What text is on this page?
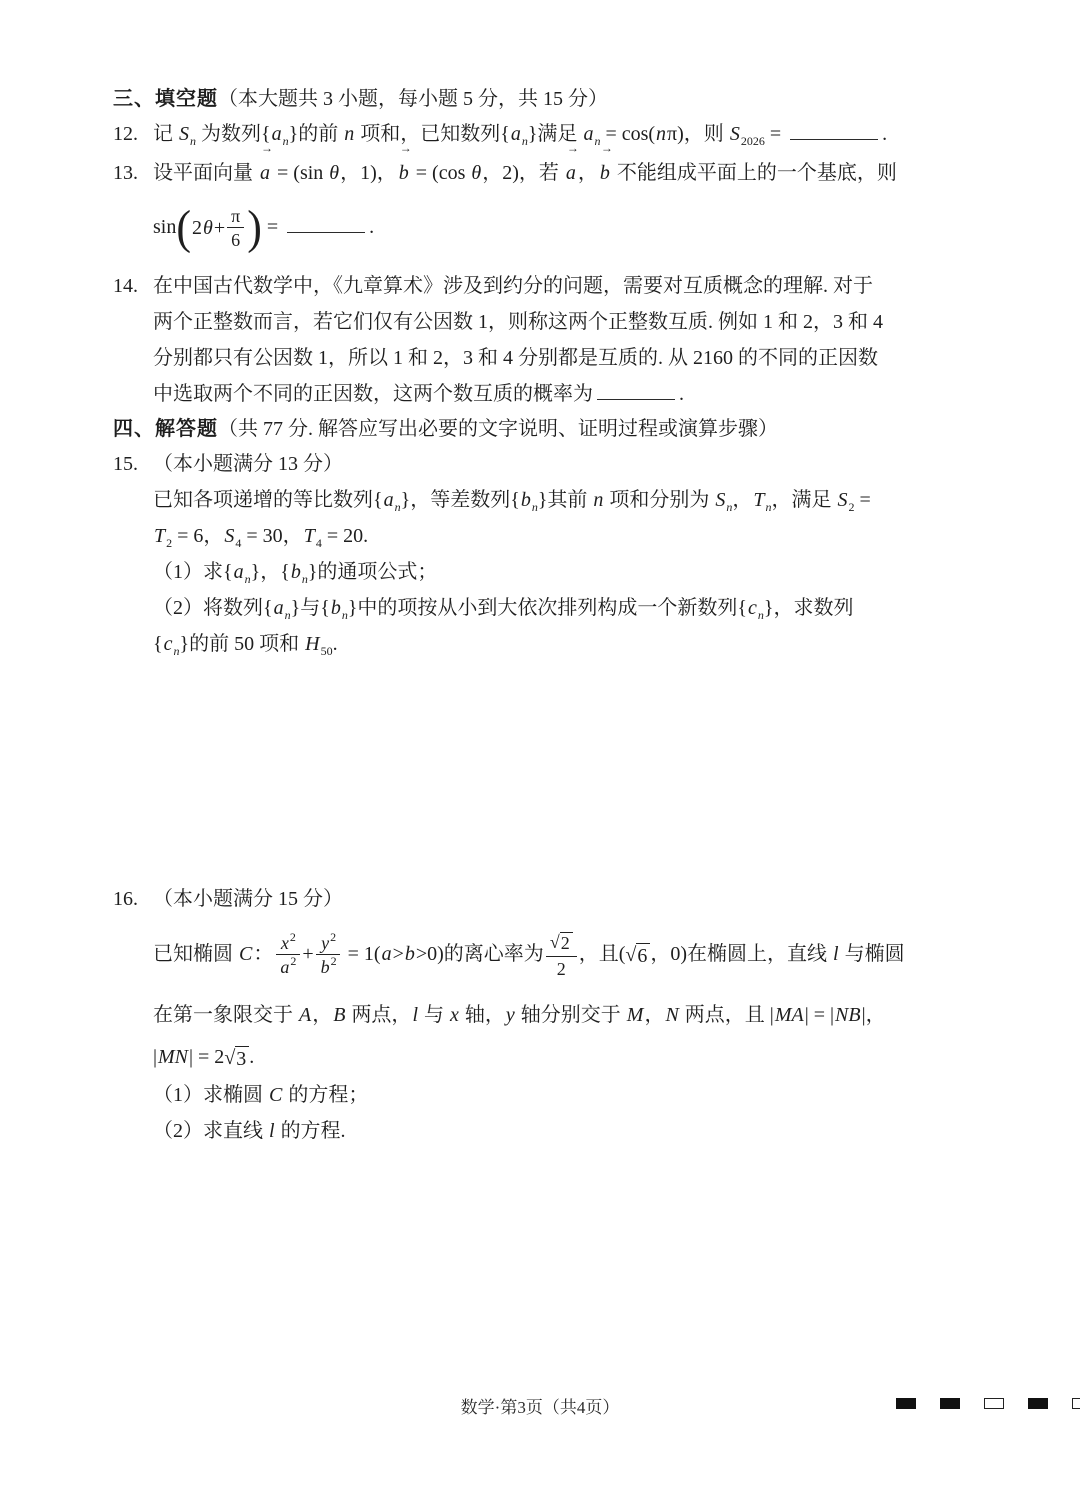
三、填空题（本大题共 3 小题，每小题 5 分，共 15 分）
12. 记 $S_n$ 为数列$\{a_n\}$的前 n 项和，已知数列$\{a_n\}$满足 $a_n = \cos(n\pi)$，则 $S_{2026}$ =	.
13. 设平面向量
→
a = (sin θ，1)，
→
b = (cos θ，2)，若
→
a ，
→
b 不能组成平面上的一个基底，则
sin ( 2 $\theta + \frac{\pi}{6}$ ) =	.
14. 在中国古代数学中，《九章算术》涉及到约分的问题，需要对互质概念的理解. 对于
两个正整数而言，若它们仅有公因数 1，则称这两个正整数互质. 例如 1 和 2，3 和 4
分别都只有公因数 1，所以 1 和 2，3 和 4 分别都是互质的. 从 2160 的不同的正因数
中选取两个不同的正因数，这两个数互质的概率为	.
四、解答题（共 77 分. 解答应写出必要的文字说明、证明过程或演算步骤）
15. （本小题满分 13 分）
已知各项递增的等比数列$\{a_n\}$，等差数列$\{b_n\}$其前 n 项和分别为 $S_n$，$T_n$，满足 $S_2$ =
$T_2 = 6$，$S_4 = 30$，$T_4 = 20$.
（1）求$\{a_n\}$，$\{b_n\}$的通项公式；
（2）将数列$\{a_n\}$与$\{b_n\}$中的项按从小到大依次排列构成一个新数列$\{c_n\}$，求数列
$\{c_n\}$的前 50 项和 $H_{50}$.
16. （本小题满分 15 分）
已知椭圆 C： $\frac{x^2}{a^2} + \frac{y^2}{b^2} = 1(a>b>0)$的离心率为 $\frac{√ 2}{2}$ ，且( √ 6 ，0)在椭圆上，直线 l 与椭圆
在第一象限交于 A，B 两点，l 与 x 轴，y 轴分别交于 M，N 两点，且 |MA| = |NB|，
|MN| = 2 √ 3 .
（1）求椭圆 C 的方程；
（2）求直线 l 的方程.
数学·第3页（共4页）
